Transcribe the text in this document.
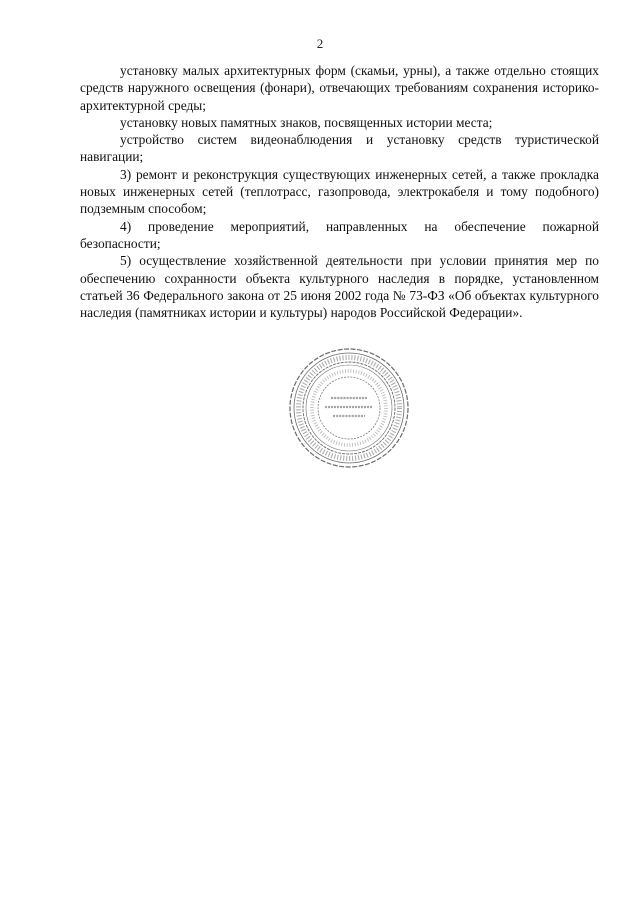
2

установку малых архитектурных форм (скамьи, урны), а также отдельно стоящих средств наружного освещения (фонари), отвечающих требованиям сохранения историко-архитектурной среды;

установку новых памятных знаков, посвященных истории места;

устройство систем видеонаблюдения и установку средств туристической навигации;

3) ремонт и реконструкция существующих инженерных сетей, а также прокладка новых инженерных сетей (теплотрасс, газопровода, электрокабеля и тому подобного) подземным способом;

4) проведение мероприятий, направленных на обеспечение пожарной безопасности;

5) осуществление хозяйственной деятельности при условии принятия мер по обеспечению сохранности объекта культурного наследия в порядке, установленном статьей 36 Федерального закона от 25 июня 2002 года № 73-ФЗ «Об объектах культурного наследия (памятниках истории и культуры) народов Российской Федерации».
